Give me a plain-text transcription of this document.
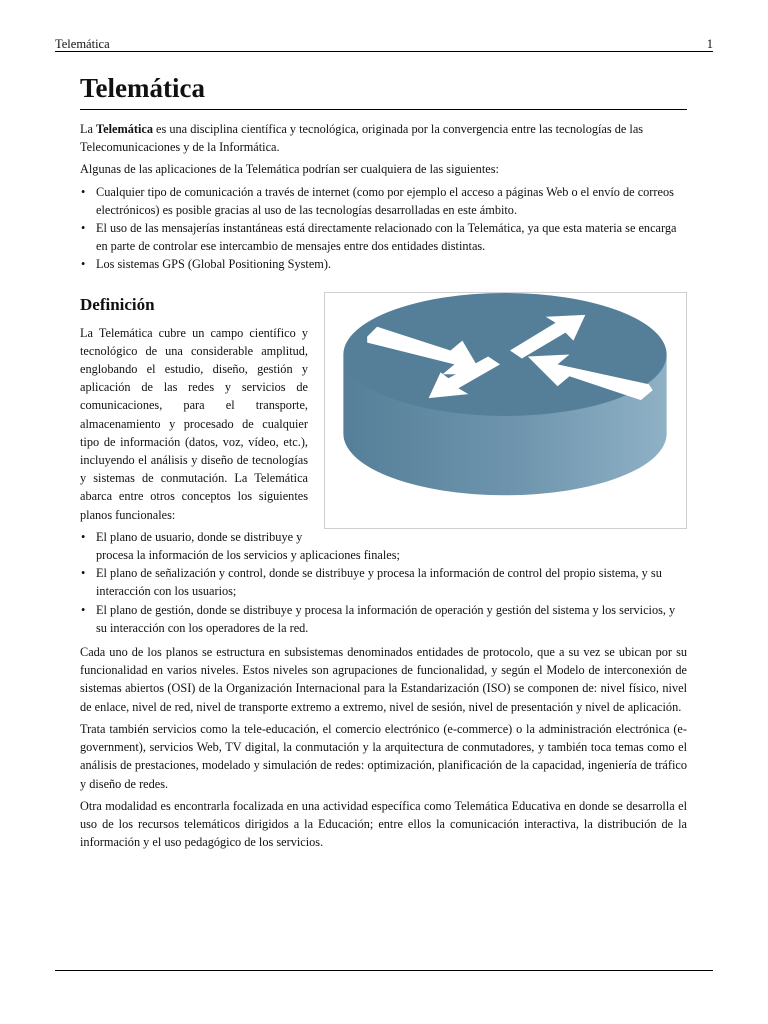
Telemática	1
Telemática

La Telemática es una disciplina científica y tecnológica, originada por la convergencia entre las tecnologías de las Telecomunicaciones y de la Informática.

Algunas de las aplicaciones de la Telemática podrían ser cualquiera de las siguientes:

• Cualquier tipo de comunicación a través de internet (como por ejemplo el acceso a páginas Web o el envío de correos electrónicos) es posible gracias al uso de las tecnologías desarrolladas en este ámbito.
• El uso de las mensajerías instantáneas está directamente relacionado con la Telemática, ya que esta materia se encarga en parte de controlar ese intercambio de mensajes entre dos entidades distintas.
• Los sistemas GPS (Global Positioning System).
Definición

La Telemática cubre un campo científico y tecnológico de una considerable amplitud, englobando el estudio, diseño, gestión y aplicación de las redes y servicios de comunicaciones, para el transporte, almacenamiento y procesado de cualquier tipo de información (datos, voz, vídeo, etc.), incluyendo el análisis y diseño de tecnologías y sistemas de conmutación. La Telemática abarca entre otros conceptos los siguientes planos funcionales:

• El plano de usuario, donde se distribuye y procesa la información de los servicios y aplicaciones finales;
• El plano de señalización y control, donde se distribuye y procesa la información de control del propio sistema, y su interacción con los usuarios;
• El plano de gestión, donde se distribuye y procesa la información de operación y gestión del sistema y los servicios, y su interacción con los operadores de la red.

Cada uno de los planos se estructura en subsistemas denominados entidades de protocolo, que a su vez se ubican por su funcionalidad en varios niveles. Estos niveles son agrupaciones de funcionalidad, y según el Modelo de interconexión de sistemas abiertos (OSI) de la Organización Internacional para la Estandarización (ISO) se componen de: nivel físico, nivel de enlace, nivel de red, nivel de transporte extremo a extremo, nivel de sesión, nivel de presentación y nivel de aplicación.

Trata también servicios como la tele-educación, el comercio electrónico (e-commerce) o la administración electrónica (e-government), servicios Web, TV digital, la conmutación y la arquitectura de conmutadores, y también toca temas como el análisis de prestaciones, modelado y simulación de redes: optimización, planificación de la capacidad, ingeniería de tráfico y diseño de redes.

Otra modalidad es encontrarla focalizada en una actividad específica como Telemática Educativa en donde se desarrolla el uso de los recursos telemáticos dirigidos a la Educación; entre ellos la comunicación interactiva, la distribución de la información y el uso pedagógico de los servicios.
